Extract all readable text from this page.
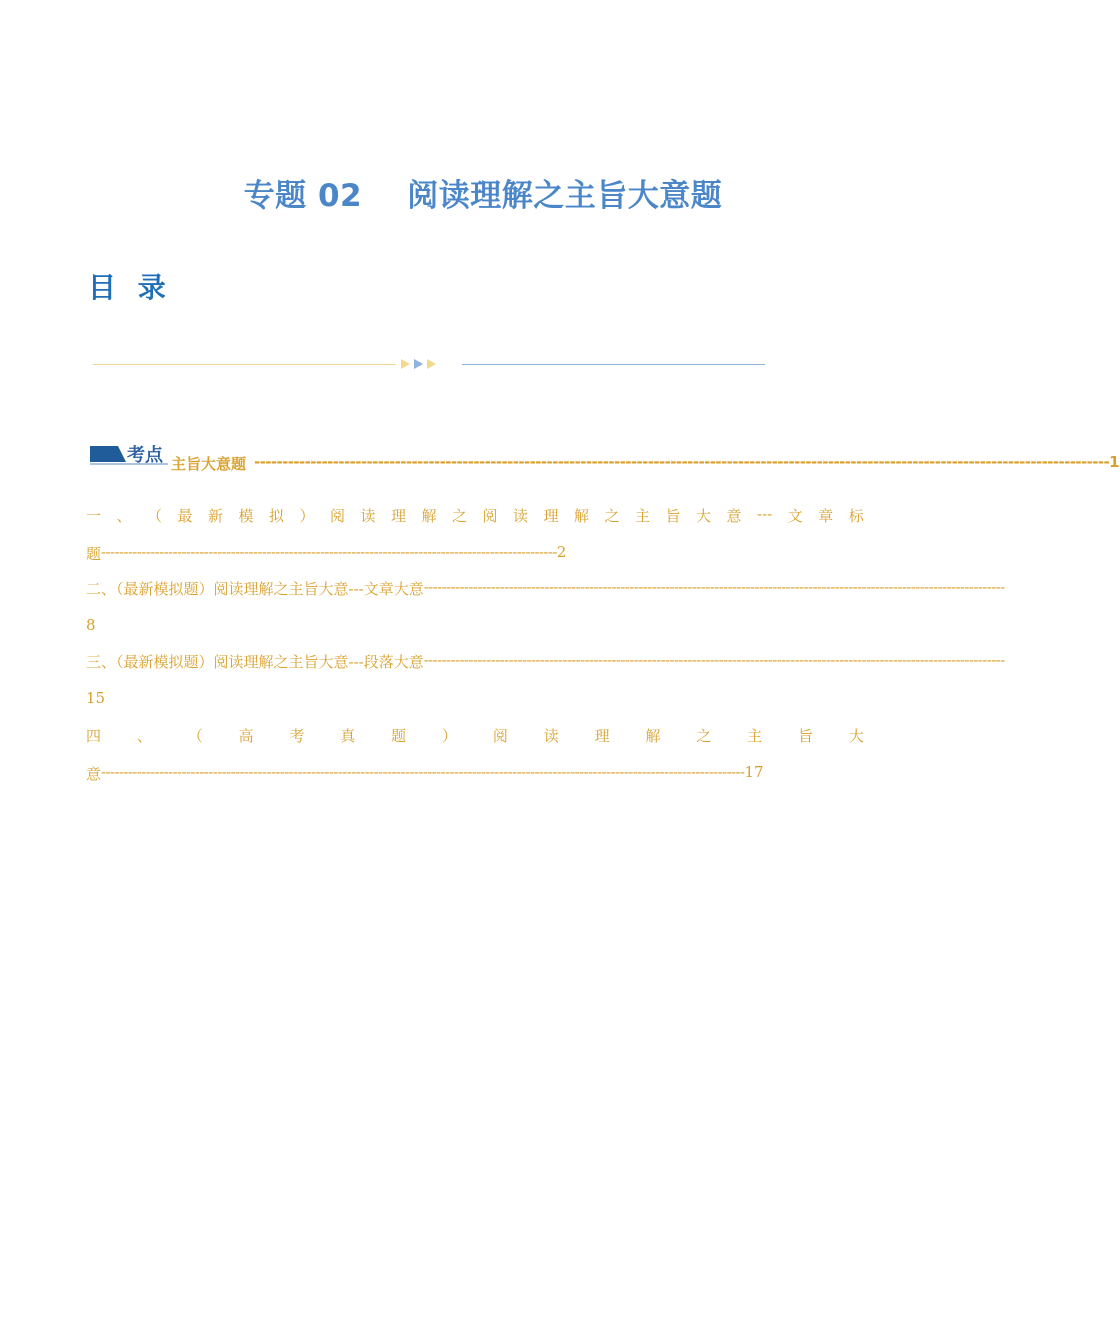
专题 02    阅读理解之主旨大意题
目 录
考点 主旨大意题 -------------------------------------------------------------------------------------------------------------------------------------------------------- 1
一 、 （ 最 新 模 拟 ） 阅 读 理 解 之 阅 读 理 解 之 主 旨 大 意 --- 文 章 标
题 ------------------------------------------------------------------------------------------------------ 2
二、（最新模拟题）阅读理解之主旨大意---文章大意 ----------------------------------------------------------------------------------------------------------------------------------
8
三、（最新模拟题）阅读理解之主旨大意---段落大意 ----------------------------------------------------------------------------------------------------------------------------------
15
四 、 （ 高 考 真 题 ） 阅 读 理 解 之 主 旨 大
意 ------------------------------------------------------------------------------------------------------------------------------------------------ 17
